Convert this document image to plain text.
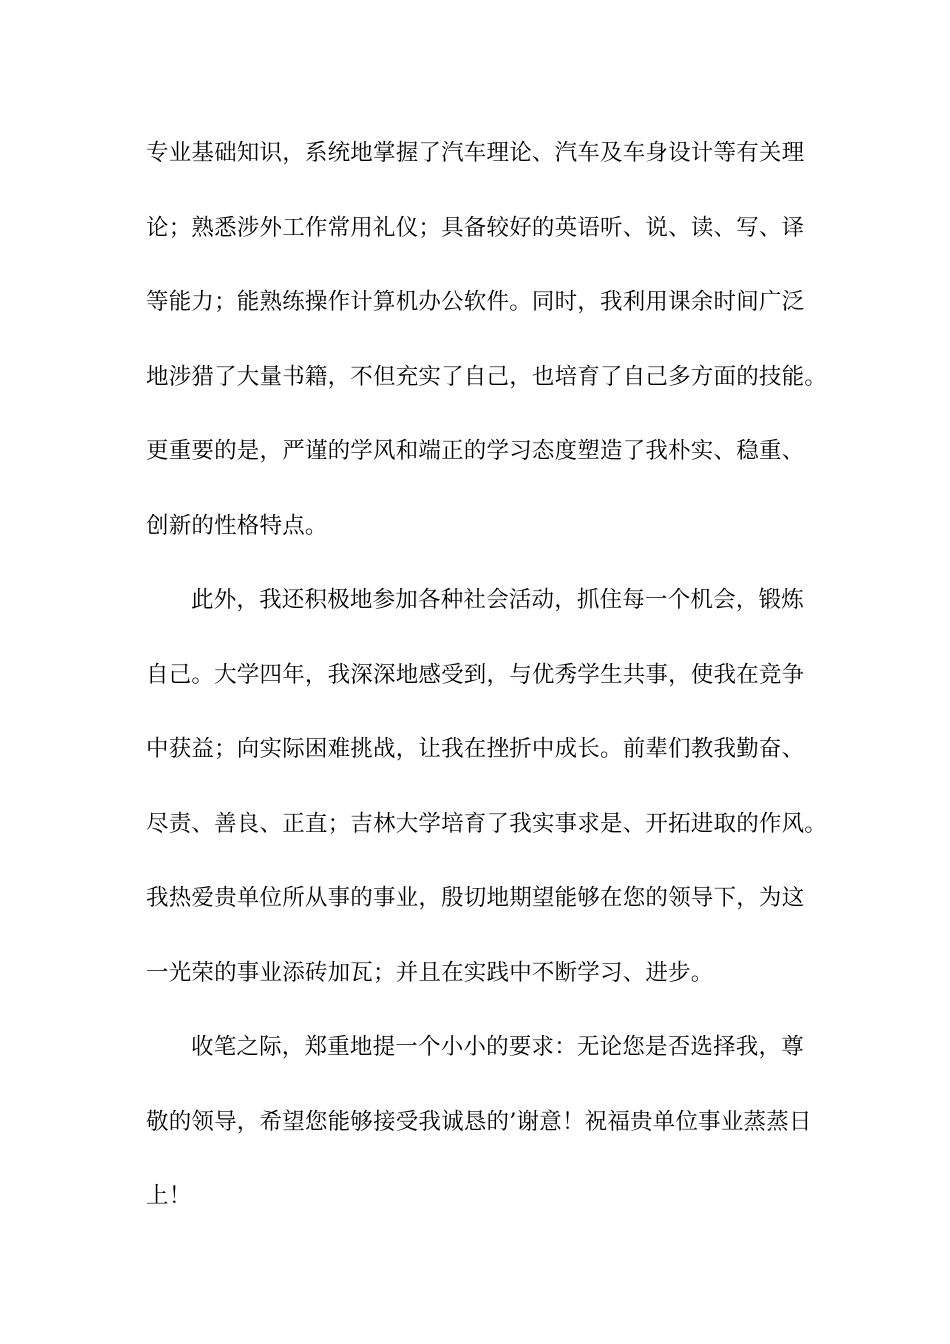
专业基础知识，系统地掌握了汽车理论、汽车及车身设计等有关理
论；熟悉涉外工作常用礼仪；具备较好的英语听、说、读、写、译
等能力；能熟练操作计算机办公软件。同时，我利用课余时间广泛
地涉猎了大量书籍，不但充实了自己，也培育了自己多方面的技能。
更重要的是，严谨的学风和端正的学习态度塑造了我朴实、稳重、
创新的性格特点。
此外，我还积极地参加各种社会活动，抓住每一个机会，锻炼
自己。大学四年，我深深地感受到，与优秀学生共事，使我在竞争
中获益；向实际困难挑战，让我在挫折中成长。前辈们教我勤奋、
尽责、善良、正直；吉林大学培育了我实事求是、开拓进取的作风。
我热爱贵单位所从事的事业，殷切地期望能够在您的领导下，为这
一光荣的事业添砖加瓦；并且在实践中不断学习、进步。
收笔之际，郑重地提一个小小的要求：无论您是否选择我，尊
敬的领导，希望您能够接受我诚恳的’谢意！祝福贵单位事业蒸蒸日
上！
